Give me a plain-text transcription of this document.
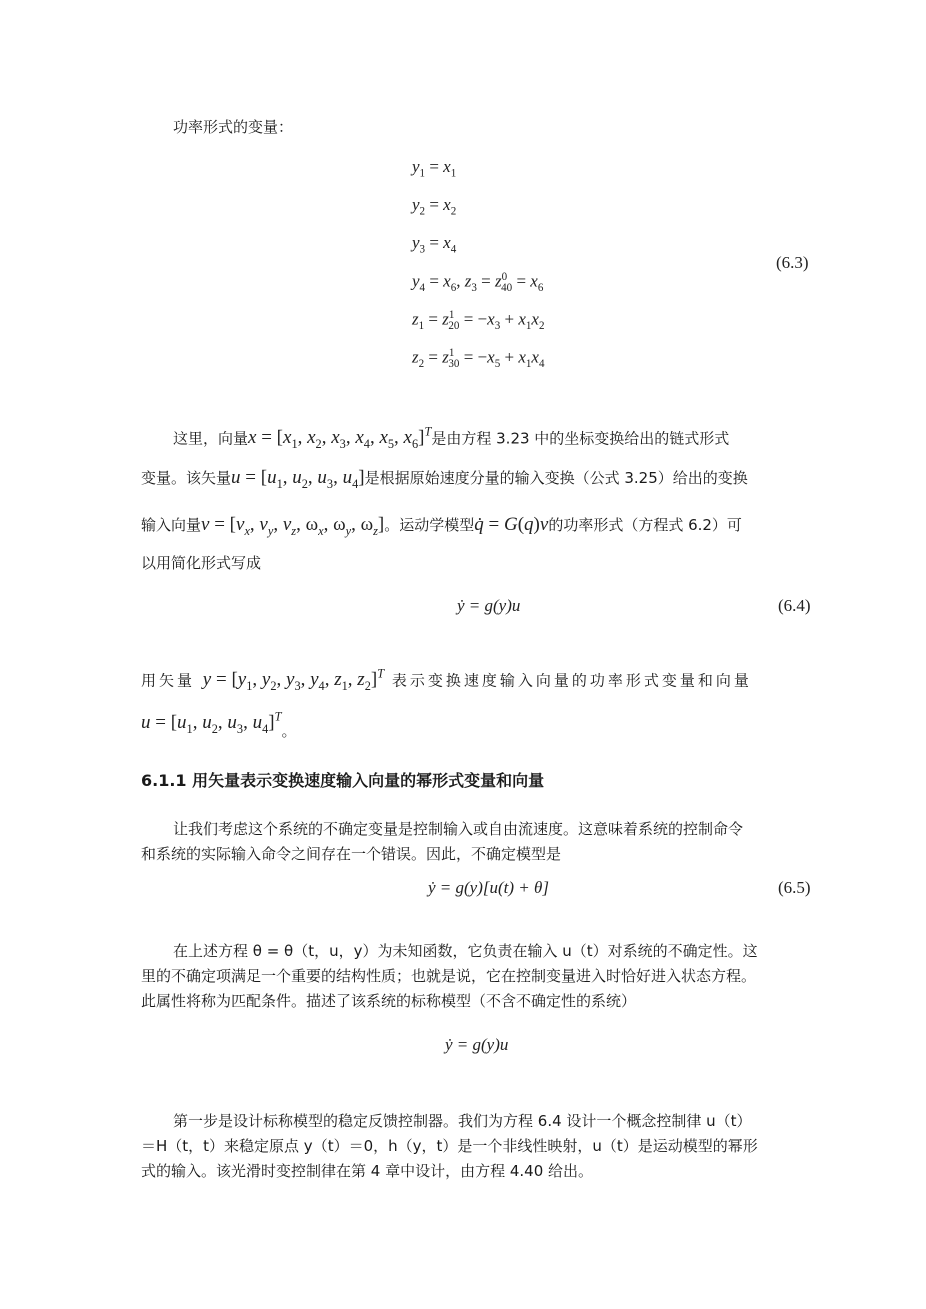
功率形式的变量：
$y_1 = x_1$
$y_2 = x_2$
$y_3 = x_4$
$y_4 = x_6$, $z_3 = z^0_{40} = x_6$
$z_1 = z^1_{20} = -x_3 + x_1x_2$
$z_2 = z^1_{30} = -x_5 + x_1x_4$
(6.3)
这里，向量$x = [x_1$, $x_2$, $x_3$, $x_4$, $x_5$, $x_6]^T$是由方程 3.23 中的坐标变换给出的链式形式
变量。该矢量$u = [u_1$, $u_2$, $u_3$, $u_4$]是根据原始速度分量的输入变换（公式 3.25）给出的变换
输入向量$v = [v_x$, $v_y$, $v_z$, $\omega_x$, $\omega_y$, $\omega_z$]。运动学模型q̇ = G(q)v的功率形式（方程式 6.2）可
以用简化形式写成
ẏ = g(y)u	(6.4)
用矢量 $y = [y_1$, $y_2$, $y_3$, $y_4$, $z_1$, $z_2]^T$ 表示变换速度输入向量的功率形式变量和向量
$u = [u_1$, $u_2$, $u_3$, $u_4]^T$。
6.1.1 用矢量表示变换速度输入向量的幂形式变量和向量
让我们考虑这个系统的不确定变量是控制输入或自由流速度。这意味着系统的控制命令
和系统的实际输入命令之间存在一个错误。因此，不确定模型是
ẏ = g(y)[u(t) + θ]	(6.5)
在上述方程 θ = θ（t，u，y）为未知函数，它负责在输入 u（t）对系统的不确定性。这
里的不确定项满足一个重要的结构性质；也就是说，它在控制变量进入时恰好进入状态方程。
此属性将称为匹配条件。描述了该系统的标称模型（不含不确定性的系统）
ẏ = g(y)u
第一步是设计标称模型的稳定反馈控制器。我们为方程 6.4 设计一个概念控制律 u（t）
＝H（t，t）来稳定原点 y（t）＝0，h（y，t）是一个非线性映射，u（t）是运动模型的幂形
式的输入。该光滑时变控制律在第 4 章中设计，由方程 4.40 给出。
